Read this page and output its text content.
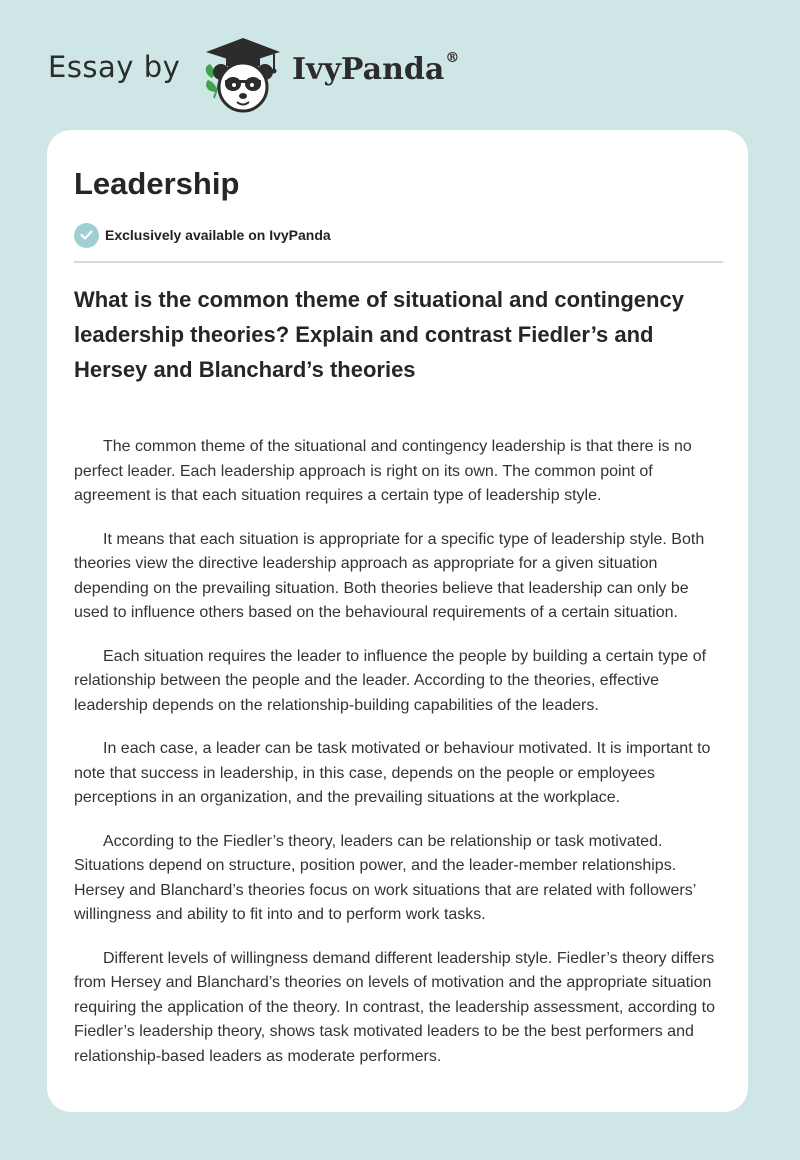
Essay by	IvyPanda®
Leadership
Exclusively available on IvyPanda
What is the common theme of situational and contingency leadership theories? Explain and contrast Fiedler’s and Hersey and Blanchard’s theories

The common theme of the situational and contingency leadership is that there is no perfect leader. Each leadership approach is right on its own. The common point of agreement is that each situation requires a certain type of leadership style.

It means that each situation is appropriate for a specific type of leadership style. Both theories view the directive leadership approach as appropriate for a given situation depending on the prevailing situation. Both theories believe that leadership can only be used to influence others based on the behavioural requirements of a certain situation.

Each situation requires the leader to influence the people by building a certain type of relationship between the people and the leader. According to the theories, effective leadership depends on the relationship-building capabilities of the leaders.

In each case, a leader can be task motivated or behaviour motivated. It is important to note that success in leadership, in this case, depends on the people or employees perceptions in an organization, and the prevailing situations at the workplace.

According to the Fiedler’s theory, leaders can be relationship or task motivated. Situations depend on structure, position power, and the leader-member relationships. Hersey and Blanchard’s theories focus on work situations that are related with followers’ willingness and ability to fit into and to perform work tasks.

Different levels of willingness demand different leadership style. Fiedler’s theory differs from Hersey and Blanchard’s theories on levels of motivation and the appropriate situation requiring the application of the theory. In contrast, the leadership assessment, according to Fiedler’s leadership theory, shows task motivated leaders to be the best performers and relationship-based leaders as moderate performers.
